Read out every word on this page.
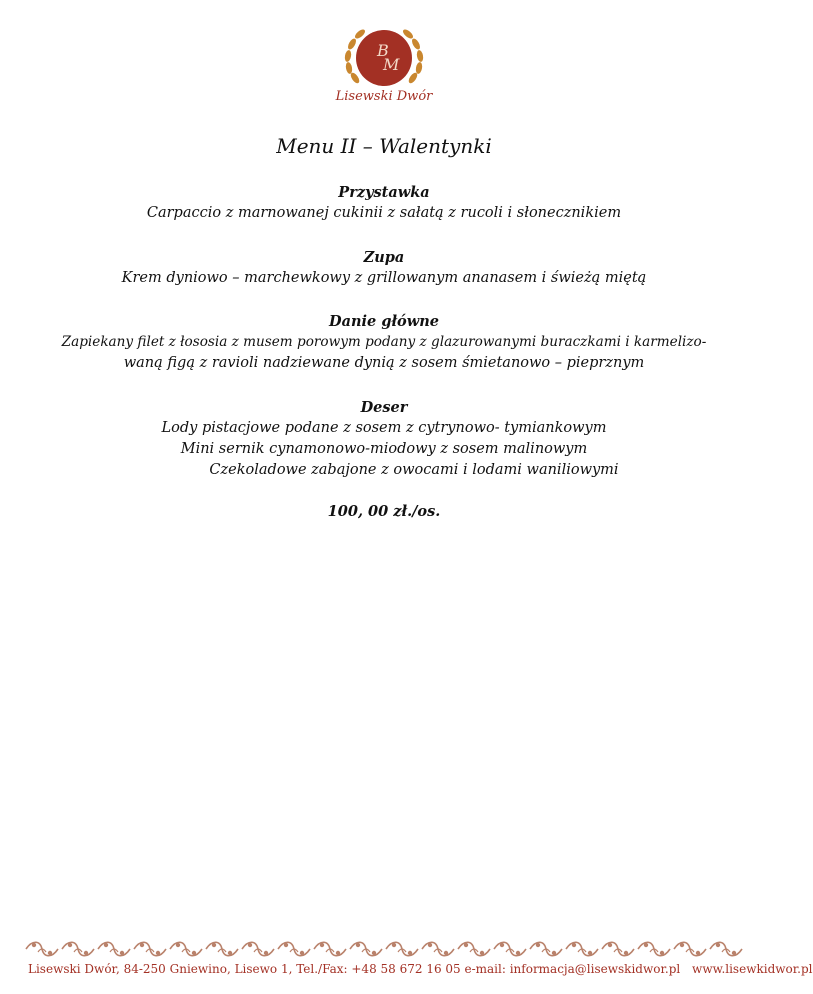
B
M
Lisewski Dwór
Menu II – Walentynki
Przystawka
Carpaccio z marnowanej cukinii z sałatą z rucoli i słonecznikiem
Zupa
Krem dyniowo – marchewkowy z grillowanym ananasem i świeżą miętą
Danie główne
Zapiekany filet z łososia z musem porowym podany z glazurowanymi buraczkami i karmelizo-
waną figą z ravioli nadziewane dynią z sosem śmietanowo – pieprznym
Deser
Lody pistacjowe podane z sosem z cytrynowo- tymiankowym
Mini sernik cynamonowo-miodowy z sosem malinowym
Czekoladowe zabajone z owocami i lodami waniliowymi
100, 00 zł./os.
Lisewski Dwór, 84-250 Gniewino, Lisewo 1, Tel./Fax: +48 58 672 16 05 e-mail: informacja@lisewskidwor.pl www.lisewkidwor.pl
